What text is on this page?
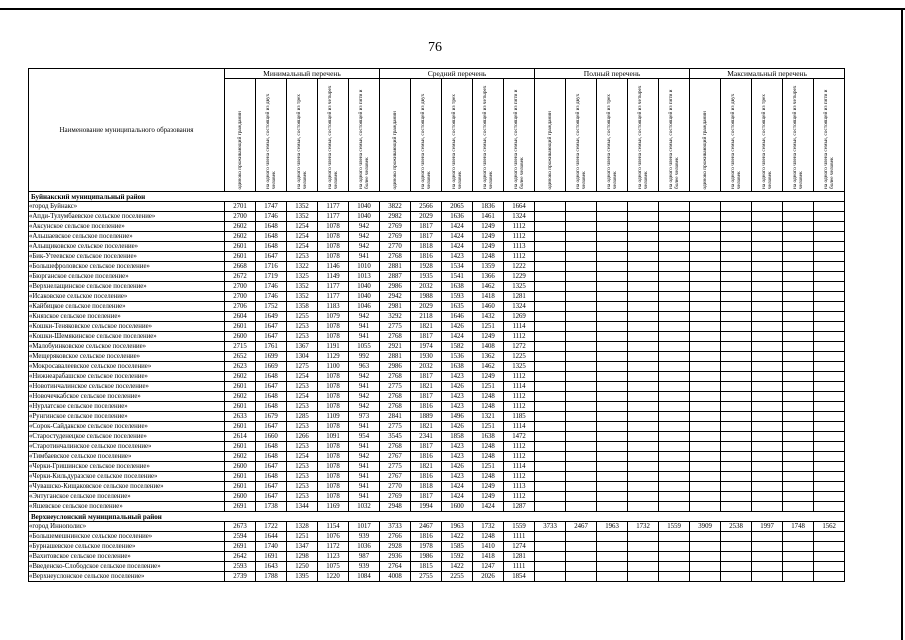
76
Наименование муниципального образования	Минимальный перечень					Средний перечень					Полный перечень					Максимальный перечень				

	одиноко проживающий гражданин	на одного члена семьи, состоящей из двух человек	на одного члена семьи, состоящей из трех человек	на одного члена семьи, состоящей из четырех человек	на одного члена семьи, состоящей из пяти и более человек	одиноко проживающий гражданин	на одного члена семьи, состоящей из двух человек	на одного члена семьи, состоящей из трех человек	на одного члена семьи, состоящей из четырех человек	на одного члена семьи, состоящей из пяти и более человек	одиноко проживающий гражданин	на одного члена семьи, состоящей из двух человек	на одного члена семьи, состоящей из трех человек	на одного члена семьи, состоящей из четырех человек	на одного члена семьи, состоящей из пяти и более человек	одиноко проживающий гражданин	на одного члена семьи, состоящей из двух человек	на одного члена семьи, состоящей из трех человек	на одного члена семьи, состоящей из четырех человек	на одного члена семьи, состоящей из пяти и более человек

Буйнакский муниципальный район																				
«город Буйнакс»	2701	1747	1352	1177	1040	3822	2566	2065	1836	1664										
«Апди-Тулумбаевское сельское поселение»	2700	1746	1352	1177	1040	2982	2029	1636	1461	1324										
«Аксунское сельское поселение»	2602	1648	1254	1078	942	2769	1817	1424	1249	1112										
«Альшаевское сельское поселение»	2602	1648	1254	1078	942	2769	1817	1424	1249	1112										
«Алыщиковское сельское поселение»	2601	1648	1254	1078	942	2770	1818	1424	1249	1113										
«Бик-Утеевское сельское поселение»	2601	1647	1253	1078	941	2768	1816	1423	1248	1112										
«Большефроловское сельское поселение»	2668	1716	1322	1146	1010	2881	1928	1534	1359	1222										
«Бюрганское сельское поселение»	2672	1719	1325	1149	1013	2887	1935	1541	1366	1229										
«Верхнелащинское сельское поселение»	2700	1746	1352	1177	1040	2986	2032	1638	1462	1325										
«Исаковское сельское поселение»	2700	1746	1352	1177	1040	2942	1988	1593	1418	1281										
«Кайбицкое сельское поселение»	2706	1752	1358	1183	1046	2981	2029	1635	1460	1324										
«Князское сельское поселение»	2604	1649	1255	1079	942	3292	2118	1646	1432	1269										
«Кошки-Теняковское сельское поселение»	2601	1647	1253	1078	941	2775	1821	1426	1251	1114										
«Кошки-Шемякинское сельское поселение»	2600	1647	1253	1078	941	2768	1817	1424	1249	1112										
«Малобуинковское сельское поселение»	2715	1761	1367	1191	1055	2921	1974	1582	1408	1272										
«Мещеряковское сельское поселение»	2652	1699	1304	1129	992	2881	1930	1536	1362	1225										
«Мокросавалеевское сельское поселение»	2623	1669	1275	1100	963	2986	2032	1638	1462	1325										
«Нижнеарабашское сельское поселение»	2602	1648	1254	1078	942	2768	1817	1423	1249	1112										
«Новотинчалинское сельское поселение»	2601	1647	1253	1078	941	2775	1821	1426	1251	1114										
«Новочечкабское сельское поселение»	2602	1648	1254	1078	942	2768	1817	1423	1248	1112										
«Нурлатское сельское поселение»	2601	1648	1253	1078	942	2768	1816	1423	1248	1112										
«Рунгинское сельское поселение»	2633	1679	1285	1109	973	2841	1889	1496	1321	1185										
«Сорок-Сайдакское сельское поселение»	2601	1647	1253	1078	941	2775	1821	1426	1251	1114										
«Старостуденецкое сельское поселение»	2614	1660	1266	1091	954	3545	2341	1858	1638	1472										
«Старотинчалинское сельское поселение»	2601	1648	1253	1078	941	2768	1817	1423	1248	1112										
«Тимбаевское сельское поселение»	2602	1648	1254	1078	942	2767	1816	1423	1248	1112										
«Черки-Гришинское сельское поселение»	2600	1647	1253	1078	941	2775	1821	1426	1251	1114										
«Черки-Кильдуразское сельское поселение»	2601	1648	1253	1078	941	2767	1816	1423	1248	1112										
«Чувашско-Кищаковское сельское поселение»	2601	1647	1253	1078	941	2770	1818	1424	1249	1113										
«Энтуганское сельское поселение»	2600	1647	1253	1078	941	2769	1817	1424	1249	1112										
«Яшевское сельское поселение»	2691	1738	1344	1169	1032	2948	1994	1600	1424	1287										
Верхнеуслонский муниципальный район																				
«город Иннополис»	2673	1722	1328	1154	1017	3733	2467	1963	1732	1559	3733	2467	1963	1732	1559	3909	2538	1997	1748	1562
«Большемешнинское сельское поселение»	2594	1644	1251	1076	939	2766	1816	1422	1248	1111										
«Бурнашевское сельское поселение»	2691	1740	1347	1172	1036	2928	1978	1585	1410	1274										
«Вахитовское сельское поселение»	2642	1691	1298	1123	987	2936	1986	1592	1418	1281										
«Введенско-Слободское сельское поселение»	2593	1643	1250	1075	939	2764	1815	1422	1247	1111										
«Верхнеуслонское сельское поселение»	2739	1788	1395	1220	1084	4008	2755	2255	2026	1854										
